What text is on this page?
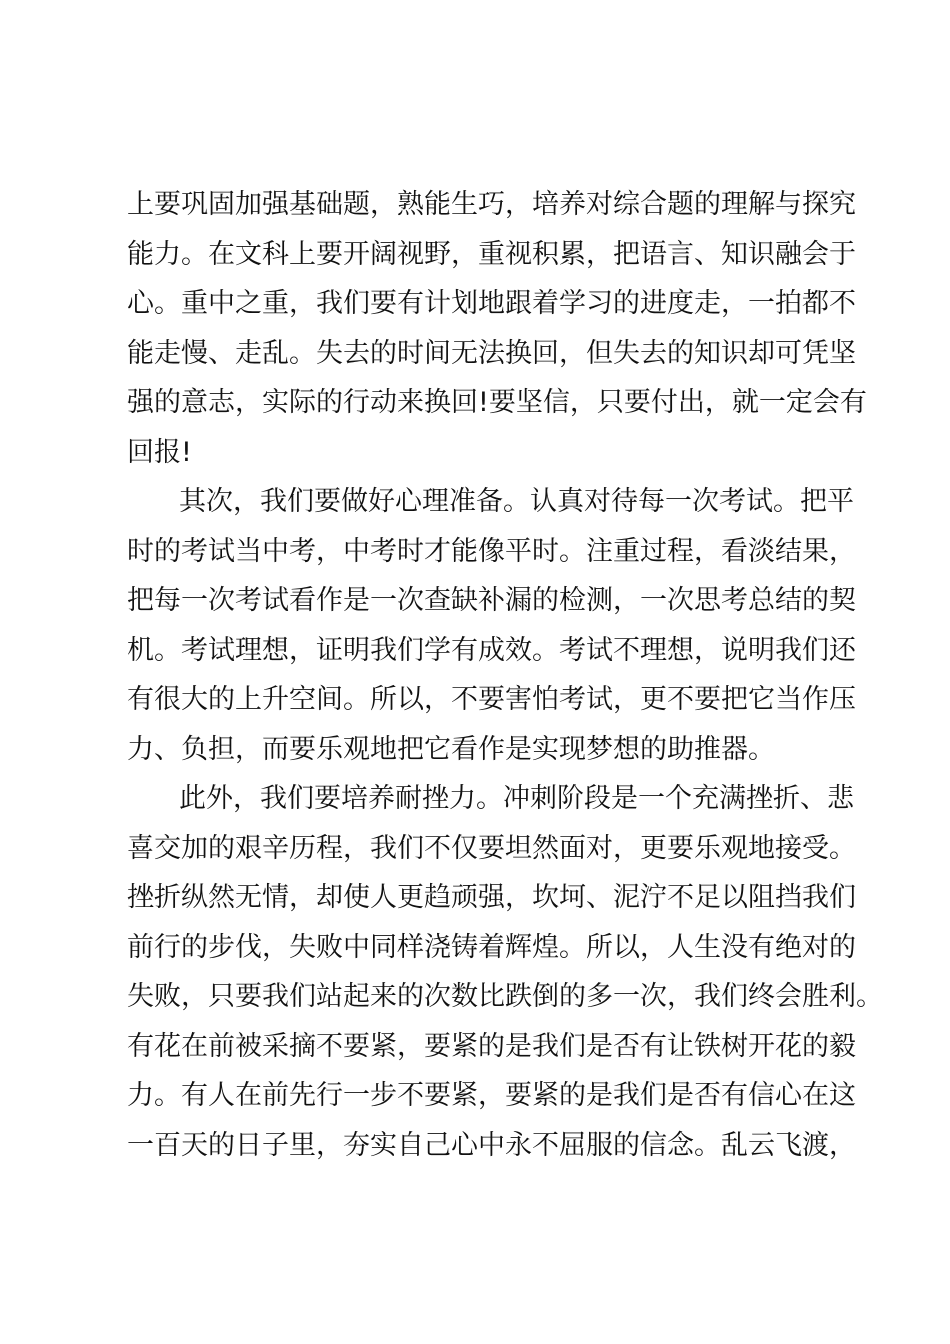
上要巩固加强基础题，熟能生巧，培养对综合题的理解与探究
能力。在文科上要开阔视野，重视积累，把语言、知识融会于
心。重中之重，我们要有计划地跟着学习的进度走，一拍都不
能走慢、走乱。失去的时间无法换回，但失去的知识却可凭坚
强的意志，实际的行动来换回!要坚信，只要付出，就一定会有
回报!
其次，我们要做好心理准备。认真对待每一次考试。把平
时的考试当中考，中考时才能像平时。注重过程，看淡结果，
把每一次考试看作是一次查缺补漏的检测，一次思考总结的契
机。考试理想，证明我们学有成效。考试不理想，说明我们还
有很大的上升空间。所以，不要害怕考试，更不要把它当作压
力、负担，而要乐观地把它看作是实现梦想的助推器。
此外，我们要培养耐挫力。冲刺阶段是一个充满挫折、悲
喜交加的艰辛历程，我们不仅要坦然面对，更要乐观地接受。
挫折纵然无情，却使人更趋顽强，坎坷、泥泞不足以阻挡我们
前行的步伐，失败中同样浇铸着辉煌。所以，人生没有绝对的
失败，只要我们站起来的次数比跌倒的多一次，我们终会胜利。
有花在前被采摘不要紧，要紧的是我们是否有让铁树开花的毅
力。有人在前先行一步不要紧，要紧的是我们是否有信心在这
一百天的日子里，夯实自己心中永不屈服的信念。乱云飞渡，
